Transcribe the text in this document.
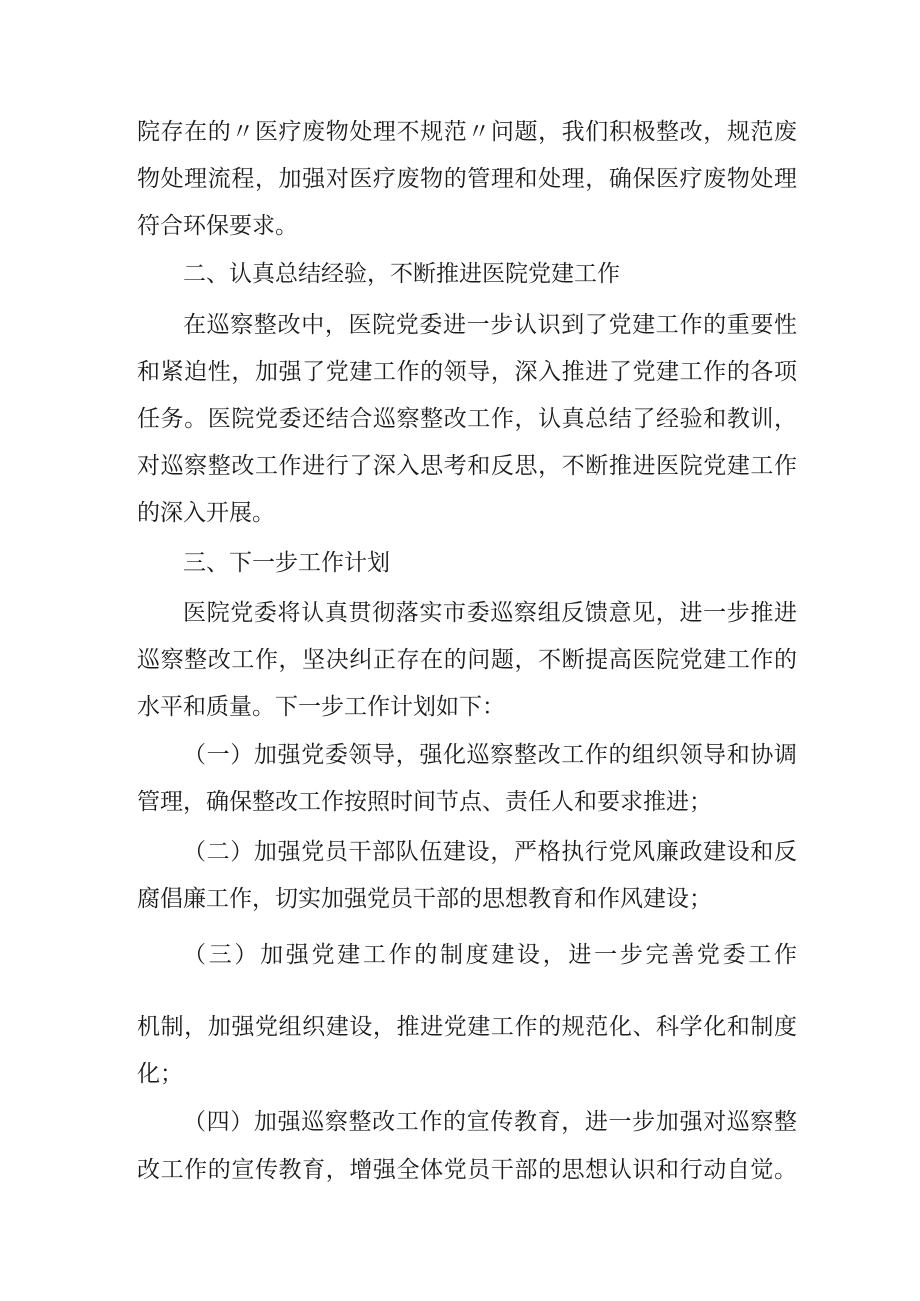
院存在的〃医疗废物处理不规范〃问题，我们积极整改，规范废
物处理流程，加强对医疗废物的管理和处理，确保医疗废物处理
符合环保要求。
二、认真总结经验，不断推进医院党建工作
在巡察整改中，医院党委进一步认识到了党建工作的重要性
和紧迫性，加强了党建工作的领导，深入推进了党建工作的各项
任务。医院党委还结合巡察整改工作，认真总结了经验和教训，
对巡察整改工作进行了深入思考和反思，不断推进医院党建工作
的深入开展。
三、下一步工作计划
医院党委将认真贯彻落实市委巡察组反馈意见，进一步推进
巡察整改工作，坚决纠正存在的问题，不断提高医院党建工作的
水平和质量。下一步工作计划如下：
（一）加强党委领导，强化巡察整改工作的组织领导和协调
管理，确保整改工作按照时间节点、责任人和要求推进；
（二）加强党员干部队伍建设，严格执行党风廉政建设和反
腐倡廉工作，切实加强党员干部的思想教育和作风建设；
（三）加强党建工作的制度建设，进一步完善党委工作
机制，加强党组织建设，推进党建工作的规范化、科学化和制度
化；
（四）加强巡察整改工作的宣传教育，进一步加强对巡察整
改工作的宣传教育，增强全体党员干部的思想认识和行动自觉。
